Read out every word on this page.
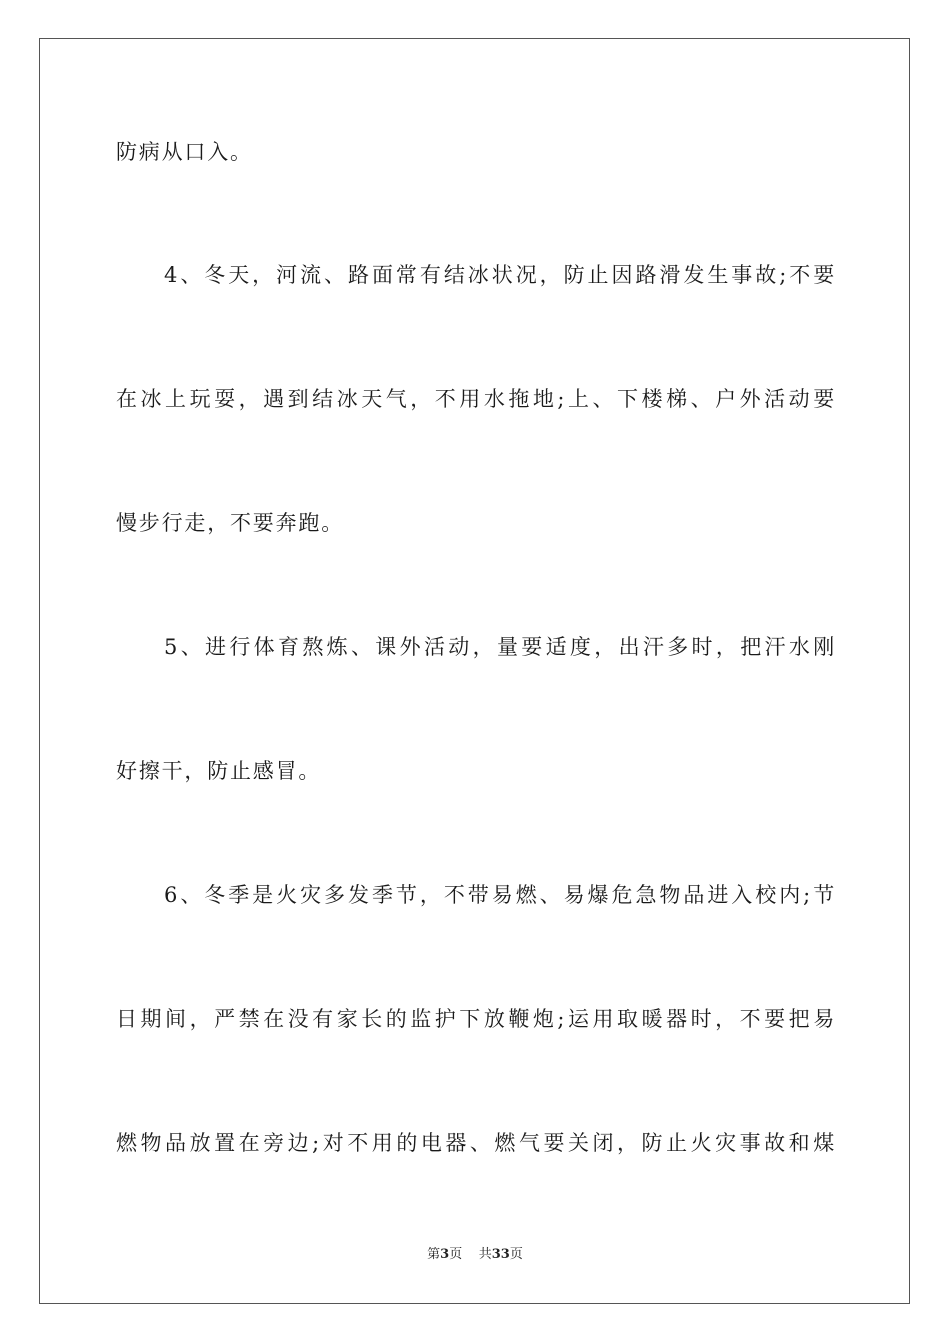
防病从口入。
4、冬天，河流、路面常有结冰状况，防止因路滑发生事故;不要
在冰上玩耍，遇到结冰天气，不用水拖地;上、下楼梯、户外活动要
慢步行走，不要奔跑。
5、进行体育熬炼、课外活动，量要适度，出汗多时，把汗水刚
好擦干，防止感冒。
6、冬季是火灾多发季节，不带易燃、易爆危急物品进入校内;节
日期间，严禁在没有家长的监护下放鞭炮;运用取暖器时，不要把易
燃物品放置在旁边;对不用的电器、燃气要关闭，防止火灾事故和煤
第3页 共33页
